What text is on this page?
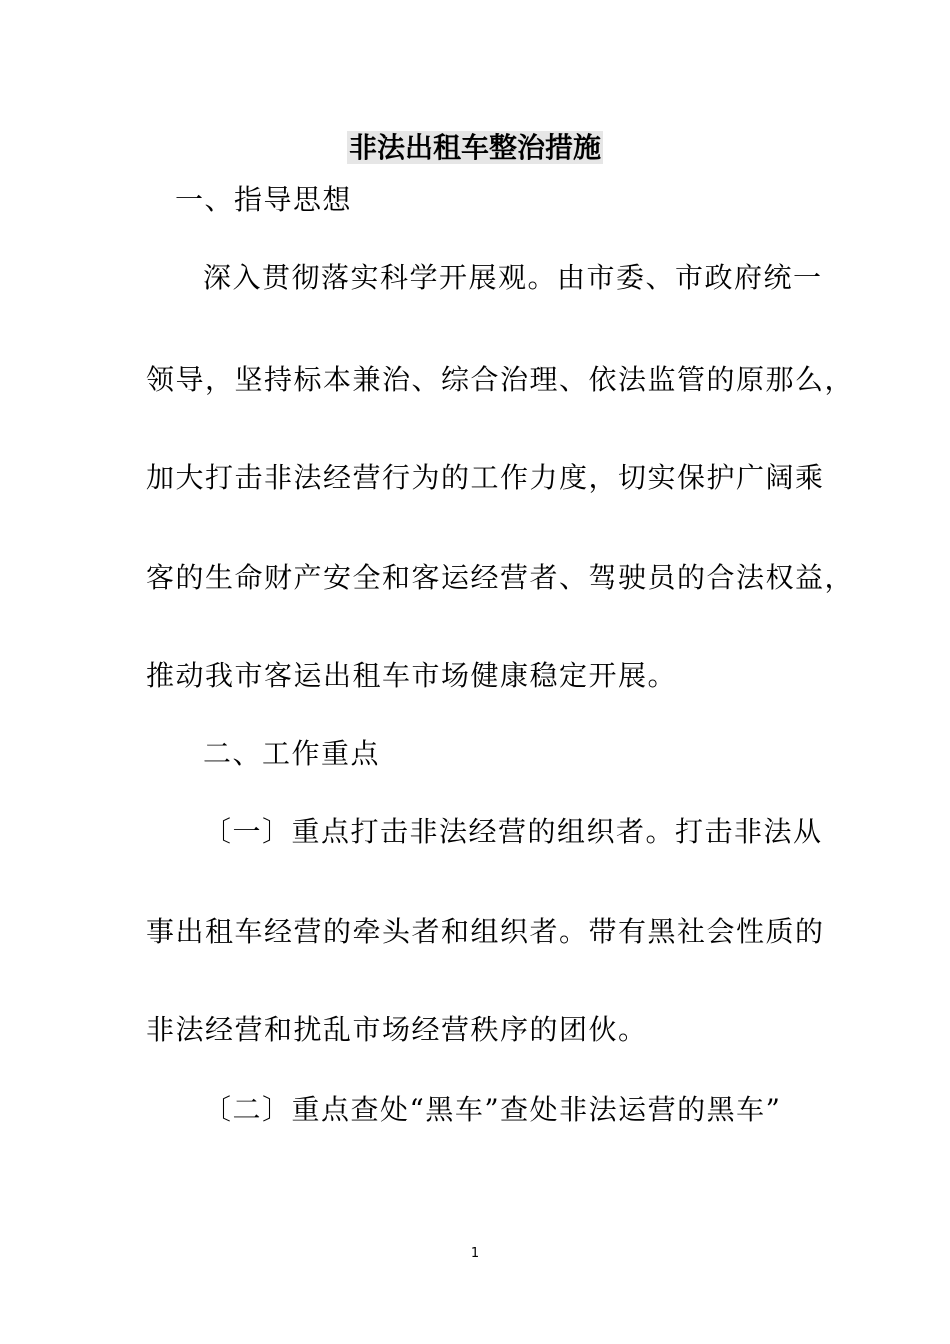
非法出租车整治措施
一、指导思想
深入贯彻落实科学开展观。由市委、市政府统一
领导，坚持标本兼治、综合治理、依法监管的原那么，
加大打击非法经营行为的工作力度，切实保护广阔乘
客的生命财产安全和客运经营者、驾驶员的合法权益，
推动我市客运出租车市场健康稳定开展。
二、工作重点
〔一〕重点打击非法经营的组织者。打击非法从
事出租车经营的牵头者和组织者。带有黑社会性质的
非法经营和扰乱市场经营秩序的团伙。
〔二〕重点查处“黑车”查处非法运营的黑车”
1
